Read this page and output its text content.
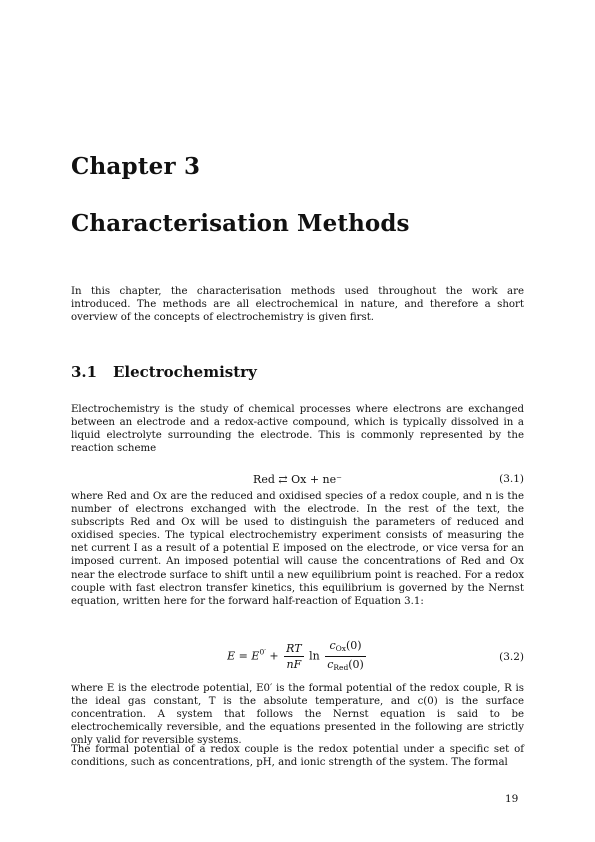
Chapter 3
Characterisation Methods

In this chapter, the characterisation methods used throughout the work are introduced. The methods are all electrochemical in nature, and therefore a short overview of the concepts of electrochemistry is given first.

3.1 Electrochemistry

Electrochemistry is the study of chemical processes where electrons are exchanged between an electrode and a redox-active compound, which is typically dissolved in a liquid electrolyte surrounding the electrode. This is commonly represented by the reaction scheme

Red ⇄ Ox + ne⁻	(3.1)

where Red and Ox are the reduced and oxidised species of a redox couple, and n is the number of electrons exchanged with the electrode. In the rest of the text, the subscripts Red and Ox will be used to distinguish the parameters of reduced and oxidised species. The typical electrochemistry experiment consists of measuring the net current I as a result of a potential E imposed on the electrode, or vice versa for an imposed current. An imposed potential will cause the concentrations of Red and Ox near the electrode surface to shift until a new equilibrium point is reached. For a redox couple with fast electron transfer kinetics, this equilibrium is governed by the Nernst equation, written here for the forward half-reaction of Equation 3.1:

$E = E^{0'} + \frac{RT}{nF}$ $\ln \frac{c_{Ox}(0)}{c_{Red}(0)}$	(3.2)

where E is the electrode potential, E0′ is the formal potential of the redox couple, R is the ideal gas constant, T is the absolute temperature, and c(0) is the surface concentration. A system that follows the Nernst equation is said to be electrochemically reversible, and the equations presented in the following are strictly only valid for reversible systems.

The formal potential of a redox couple is the redox potential under a specific set of conditions, such as concentrations, pH, and ionic strength of the system. The formal

19
